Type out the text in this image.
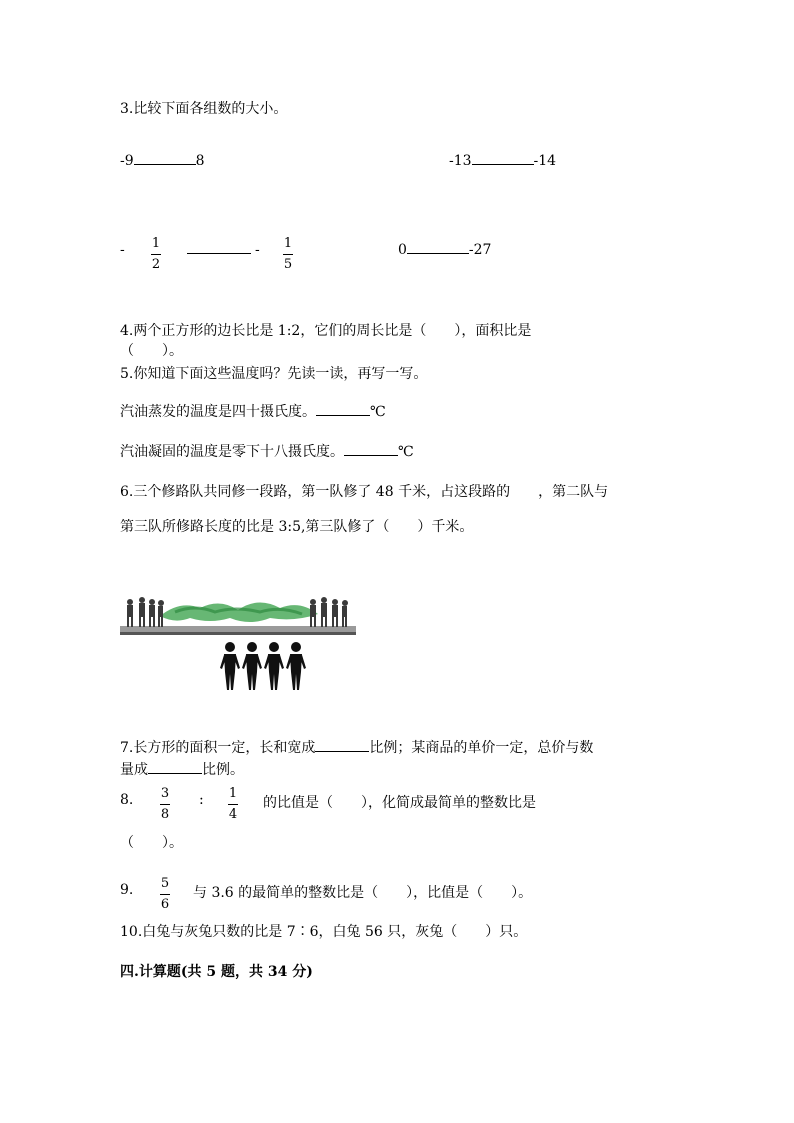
3.比较下面各组数的大小。
-9	8	-13	-14
- 1
2
- 1
5
0	-27
4.两个正方形的边长比是 1:2，它们的周长比是（　　），面积比是
（　　）。
5.你知道下面这些温度吗？先读一读，再写一写。
汽油蒸发的温度是四十摄氏度。	℃
汽油凝固的温度是零下十八摄氏度。	℃
6.三个修路队共同修一段路，第一队修了 48 千米，占这段路的 ，第二队与
第三队所修路长度的比是 3:5,第三队修了（　　）千米。
7.长方形的面积一定，长和宽成	比例；某商品的单价一定，总价与数
量成	比例。
8. 3
8
: 1
4
的比值是（　　），化简成最简单的整数比是
（　　）。
9. 5
6
与 3.6 的最简单的整数比是（　　），比值是（　　）。
10.白兔与灰兔只数的比是 7∶6，白兔 56 只，灰兔（　　）只。
四.计算题(共 5 题，共 34 分)
